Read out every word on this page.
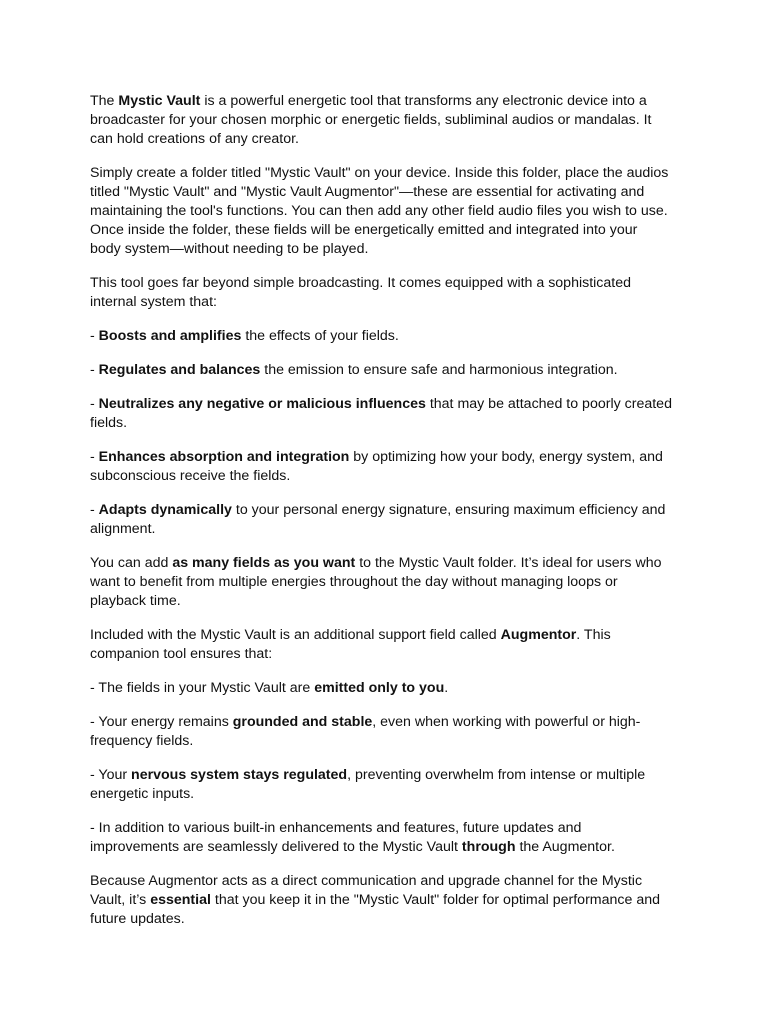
The Mystic Vault is a powerful energetic tool that transforms any electronic device into a broadcaster for your chosen morphic or energetic fields, subliminal audios or mandalas. It can hold creations of any creator.

Simply create a folder titled "Mystic Vault" on your device. Inside this folder, place the audios titled "Mystic Vault" and "Mystic Vault Augmentor"—these are essential for activating and maintaining the tool's functions. You can then add any other field audio files you wish to use. Once inside the folder, these fields will be energetically emitted and integrated into your body system—without needing to be played.

This tool goes far beyond simple broadcasting. It comes equipped with a sophisticated internal system that:

- Boosts and amplifies the effects of your fields.

- Regulates and balances the emission to ensure safe and harmonious integration.

- Neutralizes any negative or malicious influences that may be attached to poorly created fields.

- Enhances absorption and integration by optimizing how your body, energy system, and subconscious receive the fields.

- Adapts dynamically to your personal energy signature, ensuring maximum efficiency and alignment.

You can add as many fields as you want to the Mystic Vault folder. It’s ideal for users who want to benefit from multiple energies throughout the day without managing loops or playback time.

Included with the Mystic Vault is an additional support field called Augmentor. This companion tool ensures that:

- The fields in your Mystic Vault are emitted only to you.

- Your energy remains grounded and stable, even when working with powerful or high-frequency fields.

- Your nervous system stays regulated, preventing overwhelm from intense or multiple energetic inputs.

- In addition to various built-in enhancements and features, future updates and improvements are seamlessly delivered to the Mystic Vault through the Augmentor.

Because Augmentor acts as a direct communication and upgrade channel for the Mystic Vault, it’s essential that you keep it in the "Mystic Vault" folder for optimal performance and future updates.
